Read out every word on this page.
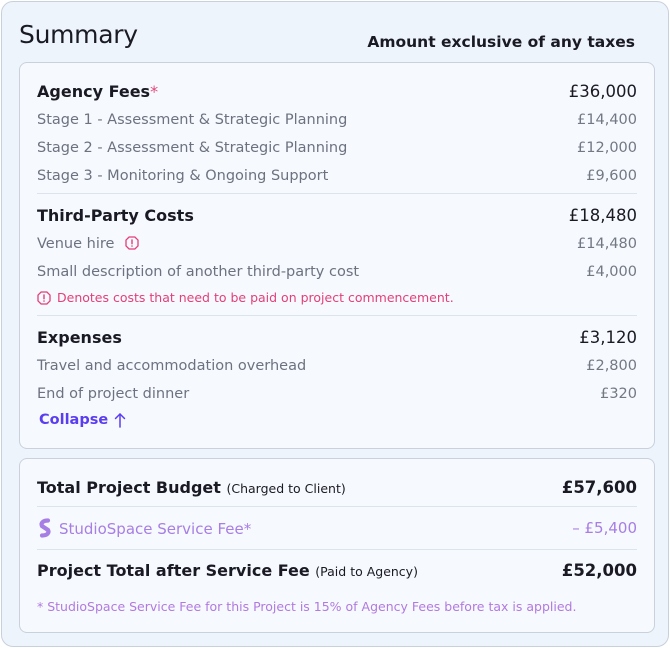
Summary	Amount exclusive of any taxes
Agency Fees*	£36,000
Stage 1 - Assessment & Strategic Planning	£14,400
Stage 2 - Assessment & Strategic Planning	£12,000
Stage 3 - Monitoring & Ongoing Support	£9,600
Third-Party Costs	£18,480
Venue hire	£14,480
Small description of another third-party cost	£4,000
Denotes costs that need to be paid on project commencement.
Expenses	£3,120
Travel and accommodation overhead	£2,800
End of project dinner	£320
Collapse
Total Project Budget (Charged to Client)	£57,600
StudioSpace Service Fee*	– £5,400
Project Total after Service Fee (Paid to Agency)	£52,000
* StudioSpace Service Fee for this Project is 15% of Agency Fees before tax is applied.
